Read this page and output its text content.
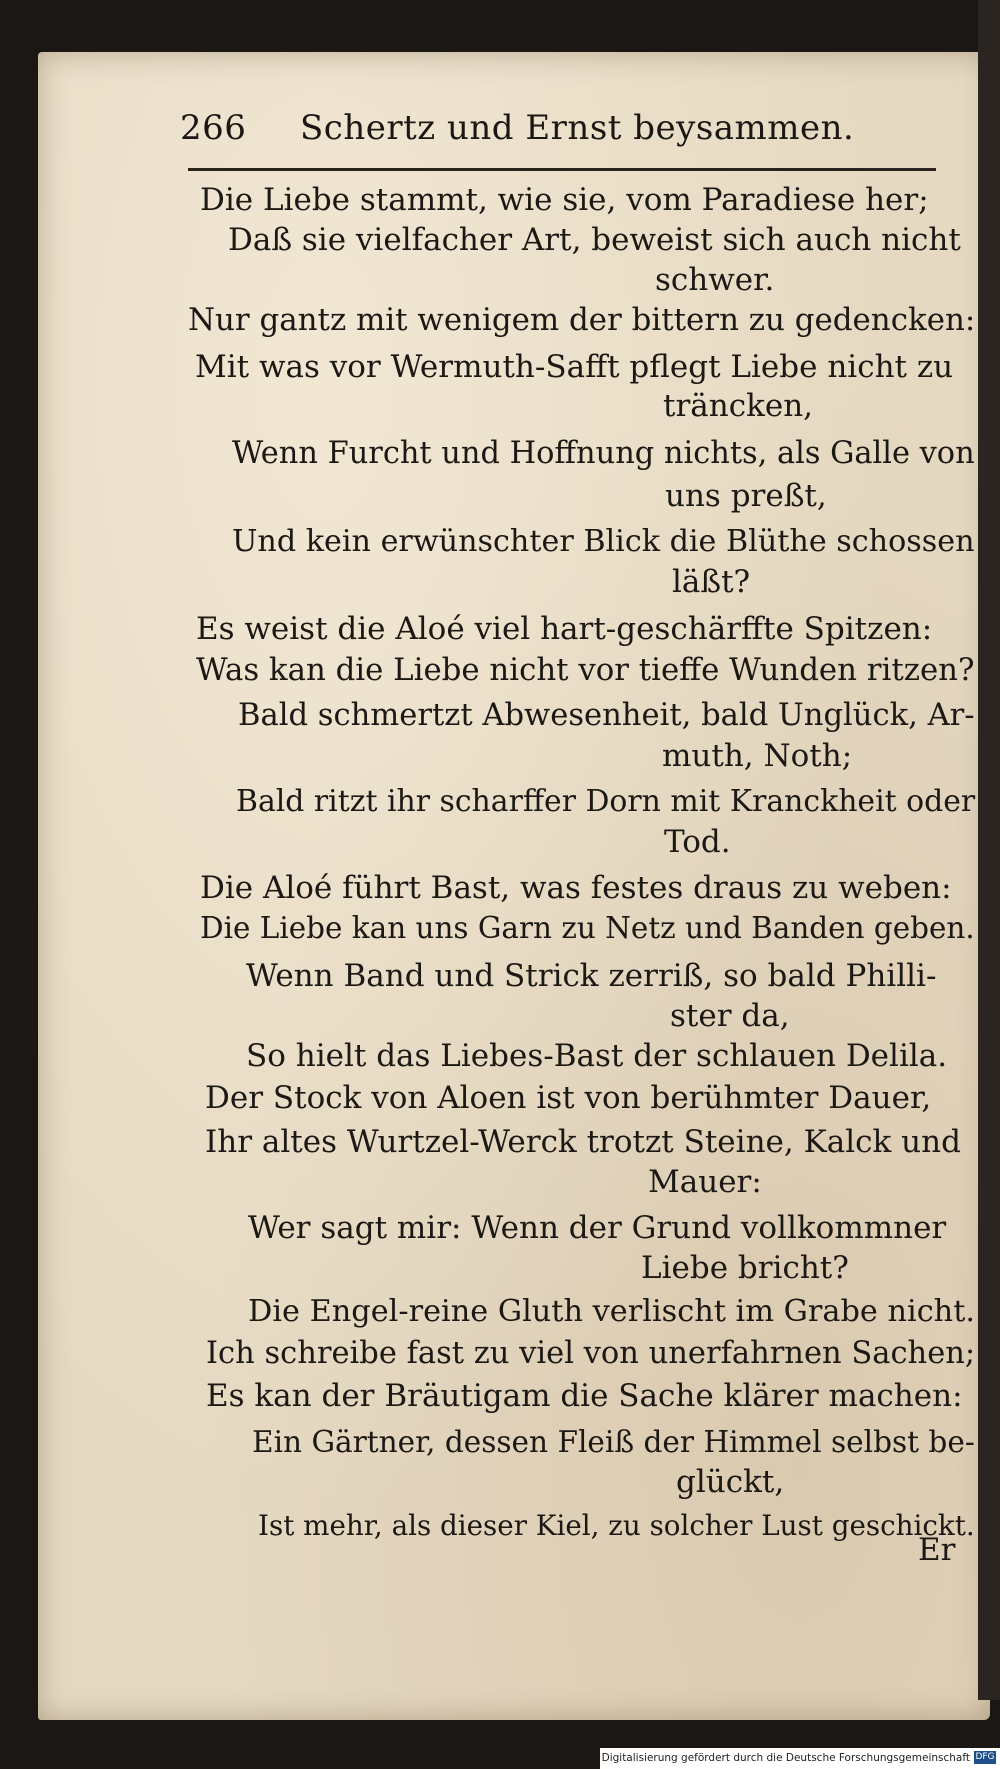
266 Schertz und Ernst beysammen.
Die Liebe stammt, wie sie, vom Paradiese her;
Daß sie vielfacher Art, beweist sich auch nicht
schwer.
Nur gantz mit wenigem der bittern zu gedencken:
Mit was vor Wermuth-Safft pflegt Liebe nicht zu
träncken,
Wenn Furcht und Hoffnung nichts, als Galle von
uns preßt,
Und kein erwünschter Blick die Blüthe schossen
läßt?
Es weist die Aloé viel hart-geschärffte Spitzen:
Was kan die Liebe nicht vor tieffe Wunden ritzen?
Bald schmertzt Abwesenheit, bald Unglück, Ar-
muth, Noth;
Bald ritzt ihr scharffer Dorn mit Kranckheit oder
Tod.
Die Aloé führt Bast, was festes draus zu weben:
Die Liebe kan uns Garn zu Netz und Banden geben.
Wenn Band und Strick zerriß, so bald Philli-
ster da,
So hielt das Liebes-Bast der schlauen Delila.
Der Stock von Aloen ist von berühmter Dauer,
Ihr altes Wurtzel-Werck trotzt Steine, Kalck und
Mauer:
Wer sagt mir: Wenn der Grund vollkommner
Liebe bricht?
Die Engel-reine Gluth verlischt im Grabe nicht.
Ich schreibe fast zu viel von unerfahrnen Sachen;
Es kan der Bräutigam die Sache klärer machen:
Ein Gärtner, dessen Fleiß der Himmel selbst be-
glückt,
Ist mehr, als dieser Kiel, zu solcher Lust geschickt.
Er
Digitalisierung gefördert durch die Deutsche Forschungsgemeinschaft DFG
